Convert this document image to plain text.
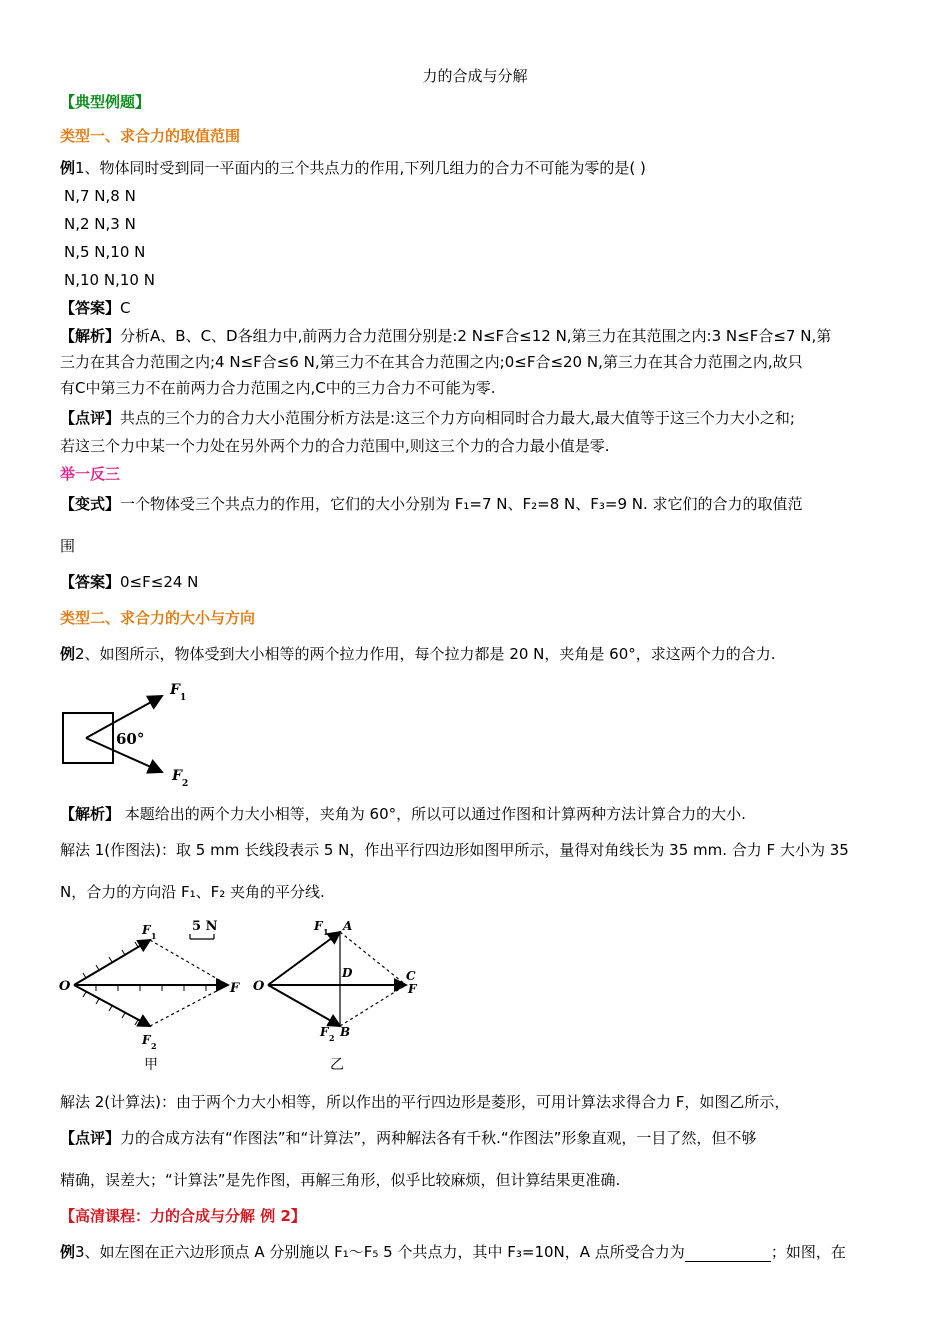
力的合成与分解
【典型例题】
类型一、求合力的取值范围
例1、物体同时受到同一平面内的三个共点力的作用,下列几组力的合力不可能为零的是( )
N,7 N,8 N
N,2 N,3 N
N,5 N,10 N
N,10 N,10 N
【答案】C
【解析】分析A、B、C、D各组力中,前两力合力范围分别是:2 N≤F合≤12 N,第三力在其范围之内:3 N≤F合≤7 N,第
三力在其合力范围之内;4 N≤F合≤6 N,第三力不在其合力范围之内;0≤F合≤20 N,第三力在其合力范围之内,故只
有C中第三力不在前两力合力范围之内,C中的三力合力不可能为零.
【点评】共点的三个力的合力大小范围分析方法是:这三个力方向相同时合力最大,最大值等于这三个力大小之和;
若这三个力中某一个力处在另外两个力的合力范围中,则这三个力的合力最小值是零.
举一反三
【变式】一个物体受三个共点力的作用，它们的大小分别为 F₁=7 N、F₂=8 N、F₃=9 N. 求它们的合力的取值范
围
【答案】0≤F≤24 N
类型二、求合力的大小与方向
例2、如图所示，物体受到大小相等的两个拉力作用，每个拉力都是 20 N，夹角是 60°，求这两个力的合力.
F 1
F 2
60°
【解析】 本题给出的两个力大小相等，夹角为 60°，所以可以通过作图和计算两种方法计算合力的大小.
解法 1(作图法)：取 5 mm 长线段表示 5 N，作出平行四边形如图甲所示，量得对角线长为 35 mm. 合力 F 大小为 35
N，合力的方向沿 F₁、F₂ 夹角的平分线.
5 N
O	F
F 1
F 2
甲
O
F 1 A
D	C
F
F 2 B
乙
解法 2(计算法)：由于两个力大小相等，所以作出的平行四边形是菱形，可用计算法求得合力 F，如图乙所示，
【点评】力的合成方法有“作图法”和“计算法”，两种解法各有千秋.“作图法”形象直观，一目了然，但不够
精确，误差大；“计算法”是先作图，再解三角形，似乎比较麻烦，但计算结果更准确.
【高清课程：力的合成与分解 例 2】
例3、如左图在正六边形顶点 A 分别施以 F₁～F₅ 5 个共点力，其中 F₃=10N，A 点所受合力为	；如图，在
